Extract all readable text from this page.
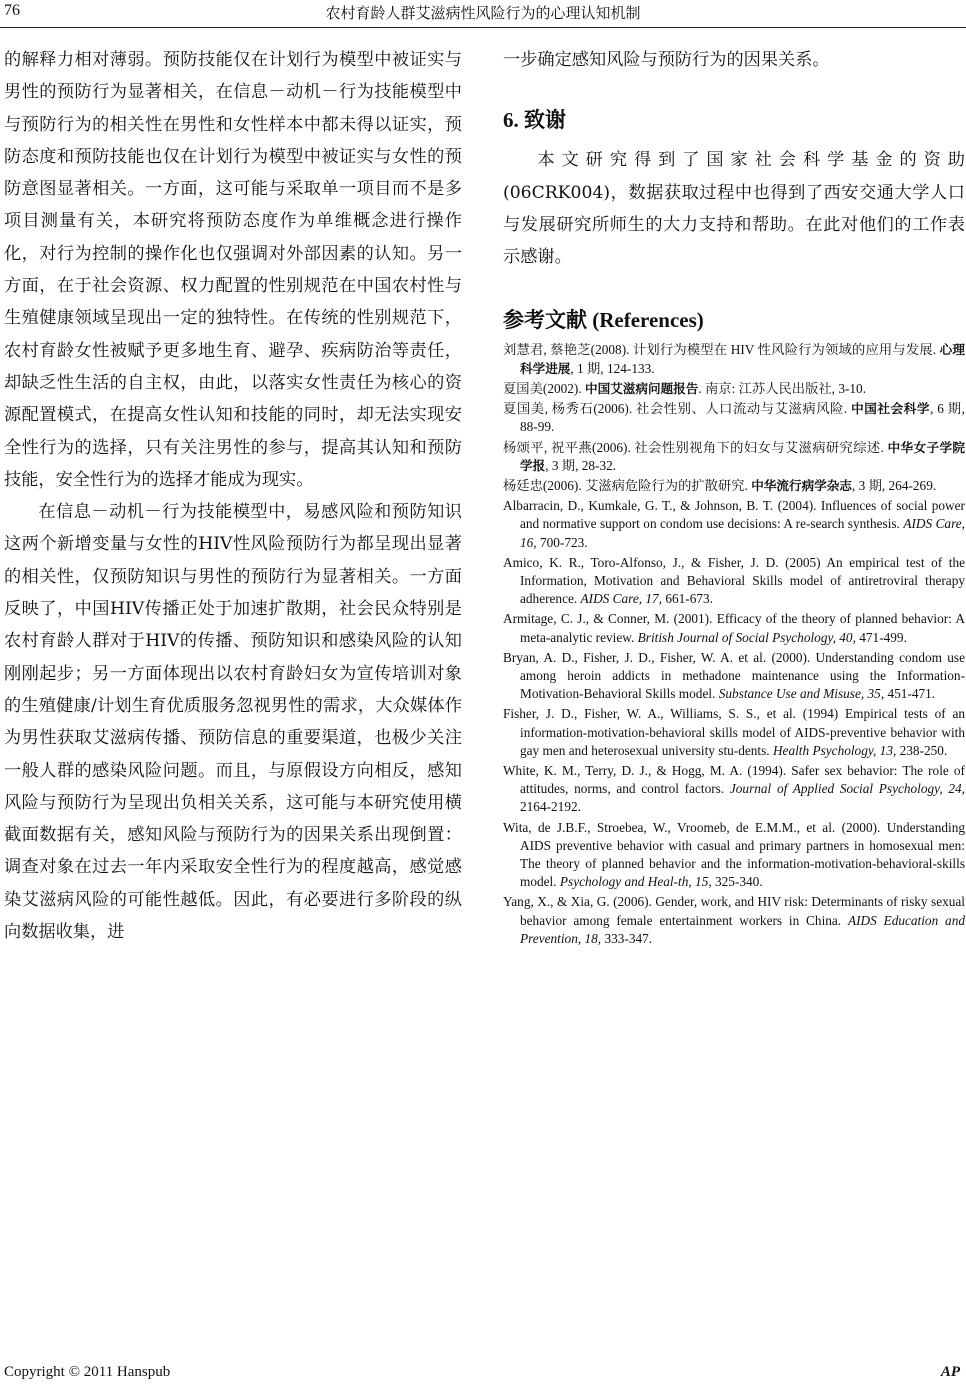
76	农村育龄人群艾滋病性风险行为的心理认知机制

的解释力相对薄弱。预防技能仅在计划行为模型中被证实与男性的预防行为显著相关，在信息－动机－行为技能模型中与预防行为的相关性在男性和女性样本中都未得以证实，预防态度和预防技能也仅在计划行为模型中被证实与女性的预防意图显著相关。一方面，这可能与采取单一项目而不是多项目测量有关，本研究将预防态度作为单维概念进行操作化，对行为控制的操作化也仅强调对外部因素的认知。另一方面，在于社会资源、权力配置的性别规范在中国农村性与生殖健康领域呈现出一定的独特性。在传统的性别规范下，农村育龄女性被赋予更多地生育、避孕、疾病防治等责任，却缺乏性生活的自主权，由此，以落实女性责任为核心的资源配置模式，在提高女性认知和技能的同时，却无法实现安全性行为的选择，只有关注男性的参与，提高其认知和预防技能，安全性行为的选择才能成为现实。

在信息－动机－行为技能模型中，易感风险和预防知识这两个新增变量与女性的HIV性风险预防行为都呈现出显著的相关性，仅预防知识与男性的预防行为显著相关。一方面反映了，中国HIV传播正处于加速扩散期，社会民众特别是农村育龄人群对于HIV的传播、预防知识和感染风险的认知刚刚起步；另一方面体现出以农村育龄妇女为宣传培训对象的生殖健康/计划生育优质服务忽视男性的需求，大众媒体作为男性获取艾滋病传播、预防信息的重要渠道，也极少关注一般人群的感染风险问题。而且，与原假设方向相反，感知风险与预防行为呈现出负相关关系，这可能与本研究使用横截面数据有关，感知风险与预防行为的因果关系出现倒置：调查对象在过去一年内采取安全性行为的程度越高，感觉感染艾滋病风险的可能性越低。因此，有必要进行多阶段的纵向数据收集，进

一步确定感知风险与预防行为的因果关系。

6. 致谢

本文研究得到了国家社会科学基金的资助(06CRK004)，数据获取过程中也得到了西安交通大学人口与发展研究所师生的大力支持和帮助。在此对他们的工作表示感谢。

参考文献 (References)

刘慧君, 蔡艳芝(2008). 计划行为模型在 HIV 性风险行为领域的应用与发展. 心理科学进展, 1 期, 124-133.

夏国美(2002). 中国艾滋病问题报告. 南京: 江苏人民出版社, 3-10.

夏国美, 杨秀石(2006). 社会性别、人口流动与艾滋病风险. 中国社会科学, 6 期, 88-99.

杨颂平, 祝平燕(2006). 社会性别视角下的妇女与艾滋病研究综述. 中华女子学院学报, 3 期, 28-32.

杨廷忠(2006). 艾滋病危险行为的扩散研究. 中华流行病学杂志, 3 期, 264-269.

Albarracin, D., Kumkale, G. T., & Johnson, B. T. (2004). Influences of social power and normative support on condom use decisions: A re-search synthesis. AIDS Care, 16, 700-723.

Amico, K. R., Toro-Alfonso, J., & Fisher, J. D. (2005) An empirical test of the Information, Motivation and Behavioral Skills model of antiretroviral therapy adherence. AIDS Care, 17, 661-673.

Armitage, C. J., & Conner, M. (2001). Efficacy of the theory of planned behavior: A meta-analytic review. British Journal of Social Psychology, 40, 471-499.

Bryan, A. D., Fisher, J. D., Fisher, W. A. et al. (2000). Understanding condom use among heroin addicts in methadone maintenance using the Information-Motivation-Behavioral Skills model. Substance Use and Misuse, 35, 451-471.

Fisher, J. D., Fisher, W. A., Williams, S. S., et al. (1994) Empirical tests of an information-motivation-behavioral skills model of AIDS-preventive behavior with gay men and heterosexual university stu-dents. Health Psychology, 13, 238-250.

White, K. M., Terry, D. J., & Hogg, M. A. (1994). Safer sex behavior: The role of attitudes, norms, and control factors. Journal of Applied Social Psychology, 24, 2164-2192.

Wita, de J.B.F., Stroebea, W., Vroomeb, de E.M.M., et al. (2000). Understanding AIDS preventive behavior with casual and primary partners in homosexual men: The theory of planned behavior and the information-motivation-behavioral-skills model. Psychology and Heal-th, 15, 325-340.

Yang, X., & Xia, G. (2006). Gender, work, and HIV risk: Determinants of risky sexual behavior among female entertainment workers in China. AIDS Education and Prevention, 18, 333-347.

Copyright © 2011 Hanspub	AP
